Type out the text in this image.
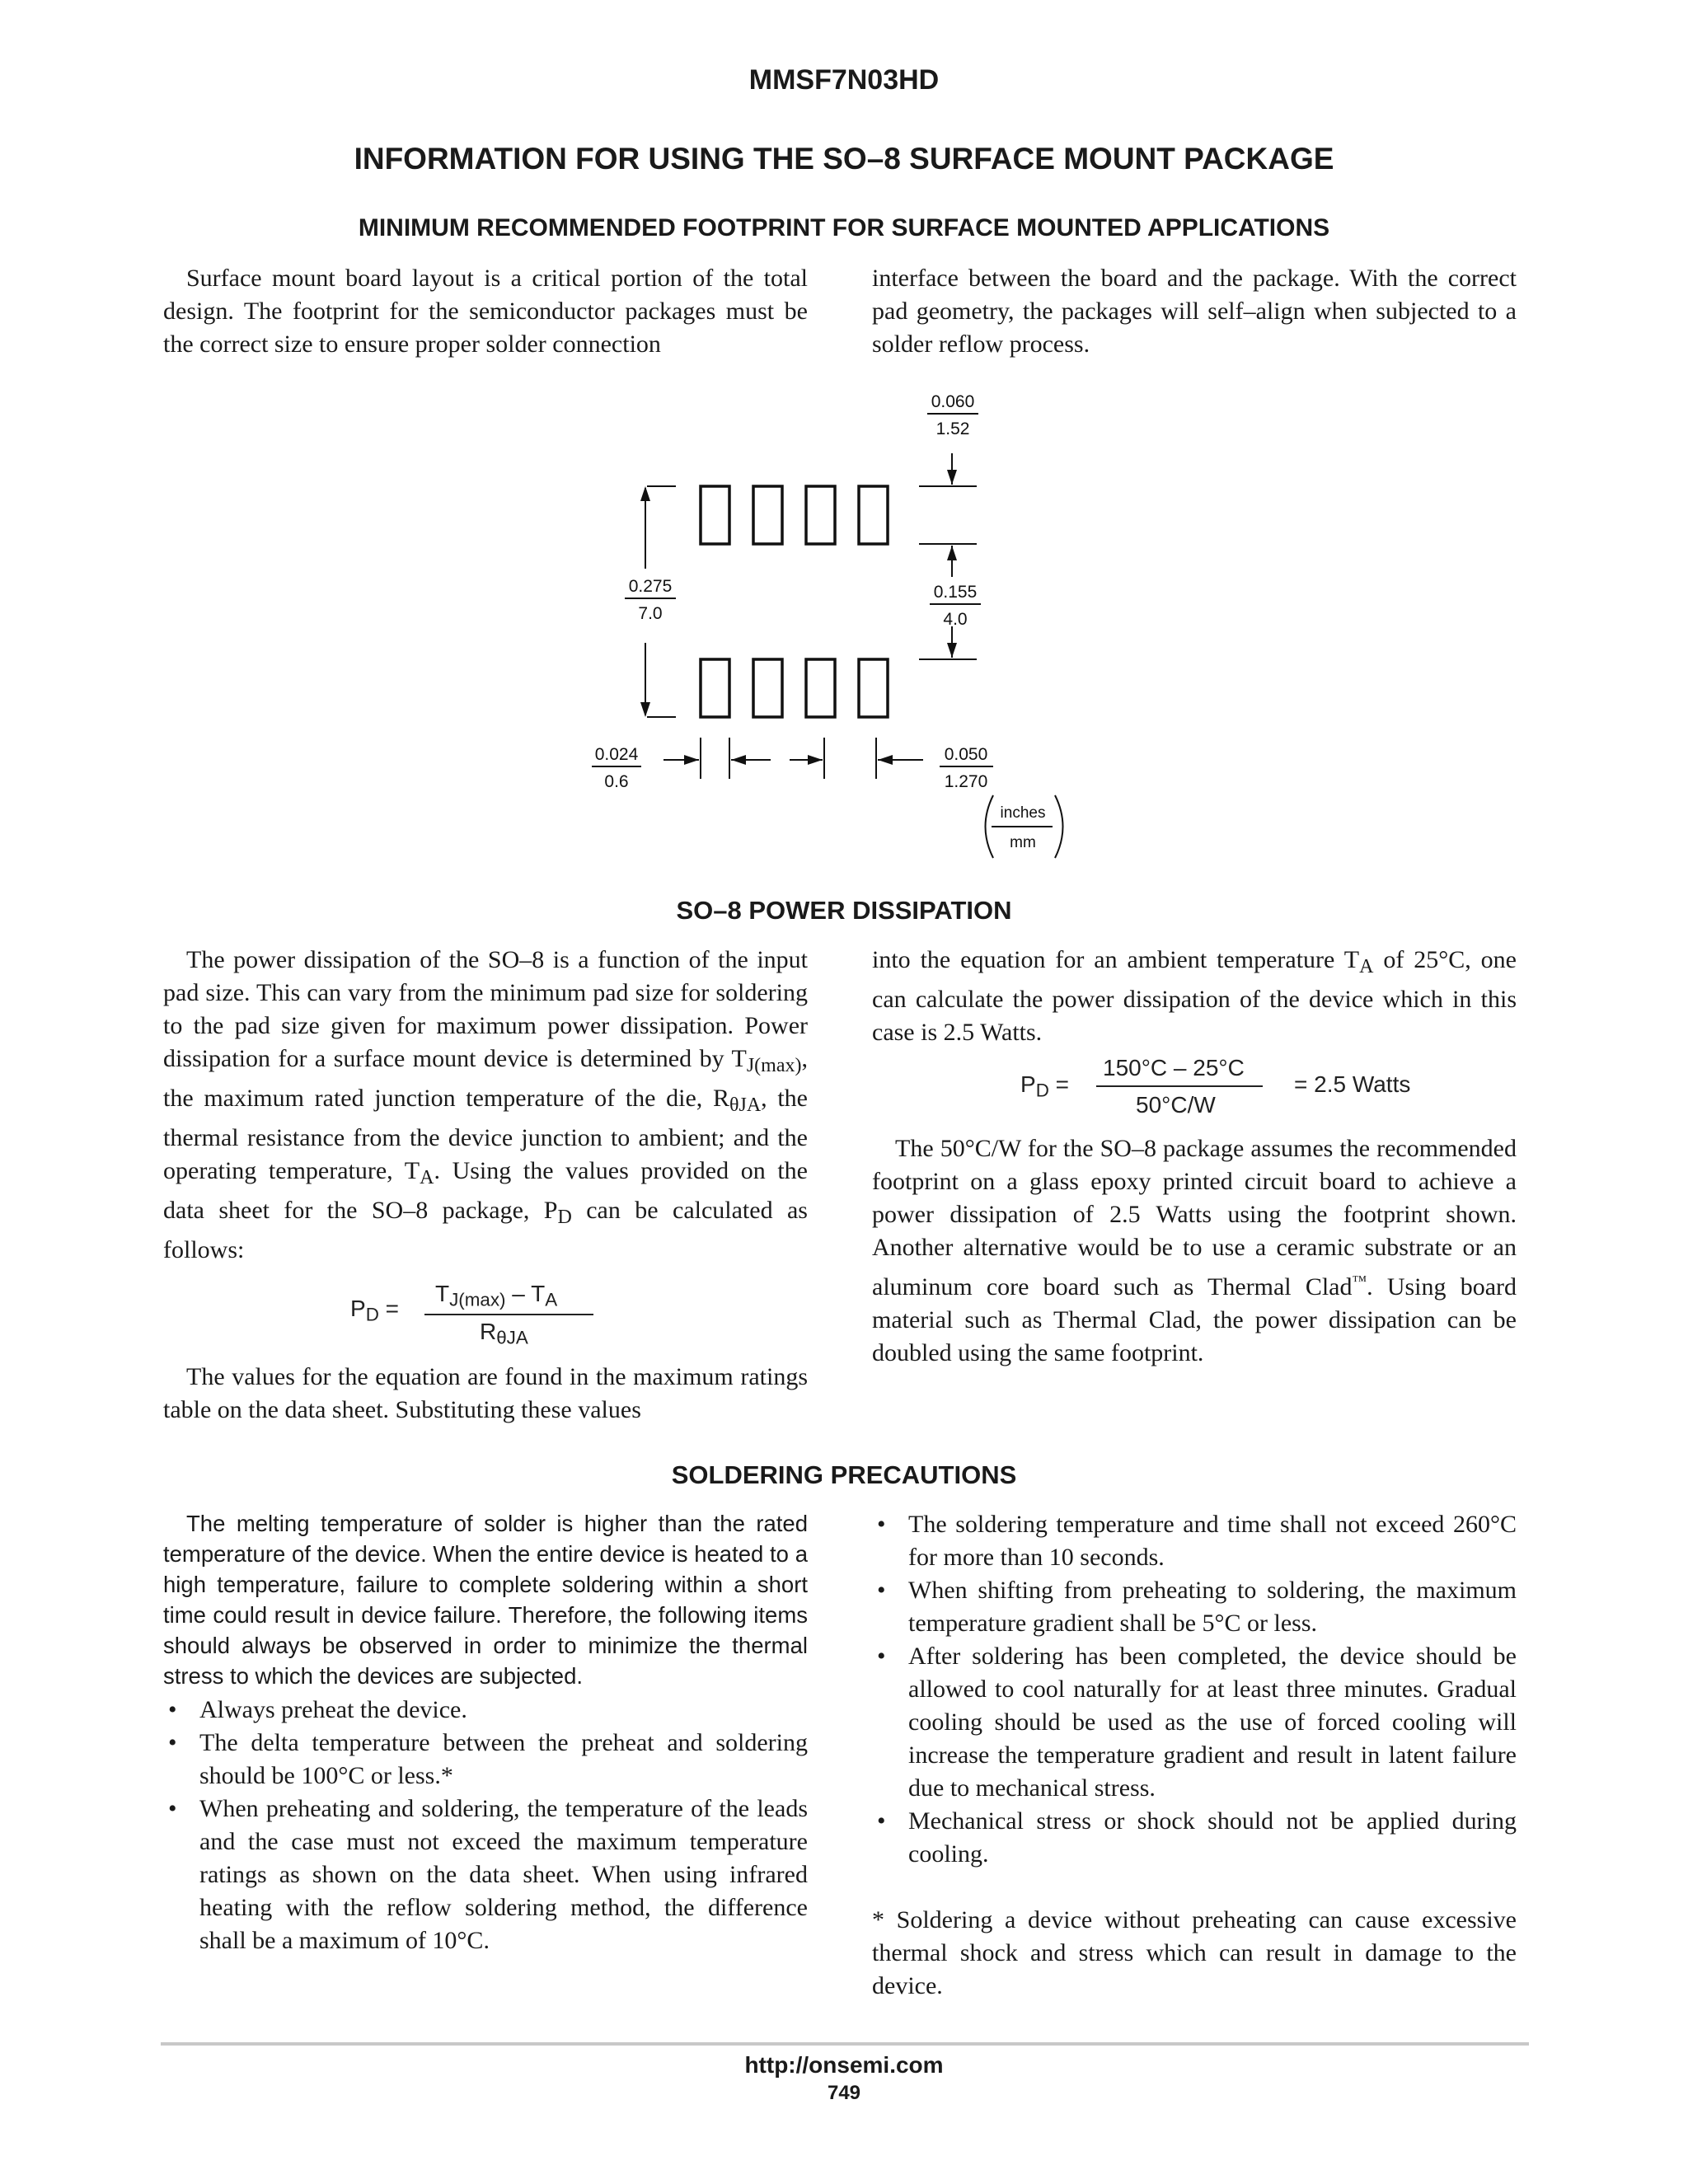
MMSF7N03HD
INFORMATION FOR USING THE SO–8 SURFACE MOUNT PACKAGE
MINIMUM RECOMMENDED FOOTPRINT FOR SURFACE MOUNTED APPLICATIONS

Surface mount board layout is a critical portion of the total design. The footprint for the semiconductor packages must be the correct size to ensure proper solder connection

interface between the board and the package. With the correct pad geometry, the packages will self–align when subjected to a solder reflow process.

0.060
1.52
0.275
7.0
0.155
4.0
0.024
0.6
0.050
1.270
inches
mm
SO–8 POWER DISSIPATION

The power dissipation of the SO–8 is a function of the input pad size. This can vary from the minimum pad size for soldering to the pad size given for maximum power dissipation. Power dissipation for a surface mount device is determined by $T_{J(max)}$, the maximum rated junction temperature of the die, $R_{\theta JA}$, the thermal resistance from the device junction to ambient; and the operating temperature, $T_A$. Using the values provided on the data sheet for the SO–8 package, $P_D$ can be calculated as follows:

$P_D$ =
$T_{J(max)} - T_A$
$R_{\theta JA}$

The values for the equation are found in the maximum ratings table on the data sheet. Substituting these values

into the equation for an ambient temperature $T_A$ of 25°C, one can calculate the power dissipation of the device which in this case is 2.5 Watts.

$P_D$ =
150°C – 25°C
50°C/W
= 2.5 Watts

The 50°C/W for the SO–8 package assumes the recommended footprint on a glass epoxy printed circuit board to achieve a power dissipation of 2.5 Watts using the footprint shown. Another alternative would be to use a ceramic substrate or an aluminum core board such as Thermal Clad™. Using board material such as Thermal Clad, the power dissipation can be doubled using the same footprint.

SOLDERING PRECAUTIONS

The melting temperature of solder is higher than the rated temperature of the device. When the entire device is heated to a high temperature, failure to complete soldering within a short time could result in device failure. Therefore, the following items should always be observed in order to minimize the thermal stress to which the devices are subjected.

• Always preheat the device.
• The delta temperature between the preheat and soldering should be 100°C or less.*
• When preheating and soldering, the temperature of the leads and the case must not exceed the maximum temperature ratings as shown on the data sheet. When using infrared heating with the reflow soldering method, the difference shall be a maximum of 10°C.
• The soldering temperature and time shall not exceed 260°C for more than 10 seconds.
• When shifting from preheating to soldering, the maximum temperature gradient shall be 5°C or less.
• After soldering has been completed, the device should be allowed to cool naturally for at least three minutes. Gradual cooling should be used as the use of forced cooling will increase the temperature gradient and result in latent failure due to mechanical stress.
• Mechanical stress or shock should not be applied during cooling.

* Soldering a device without preheating can cause excessive thermal shock and stress which can result in damage to the device.

http://onsemi.com
749
